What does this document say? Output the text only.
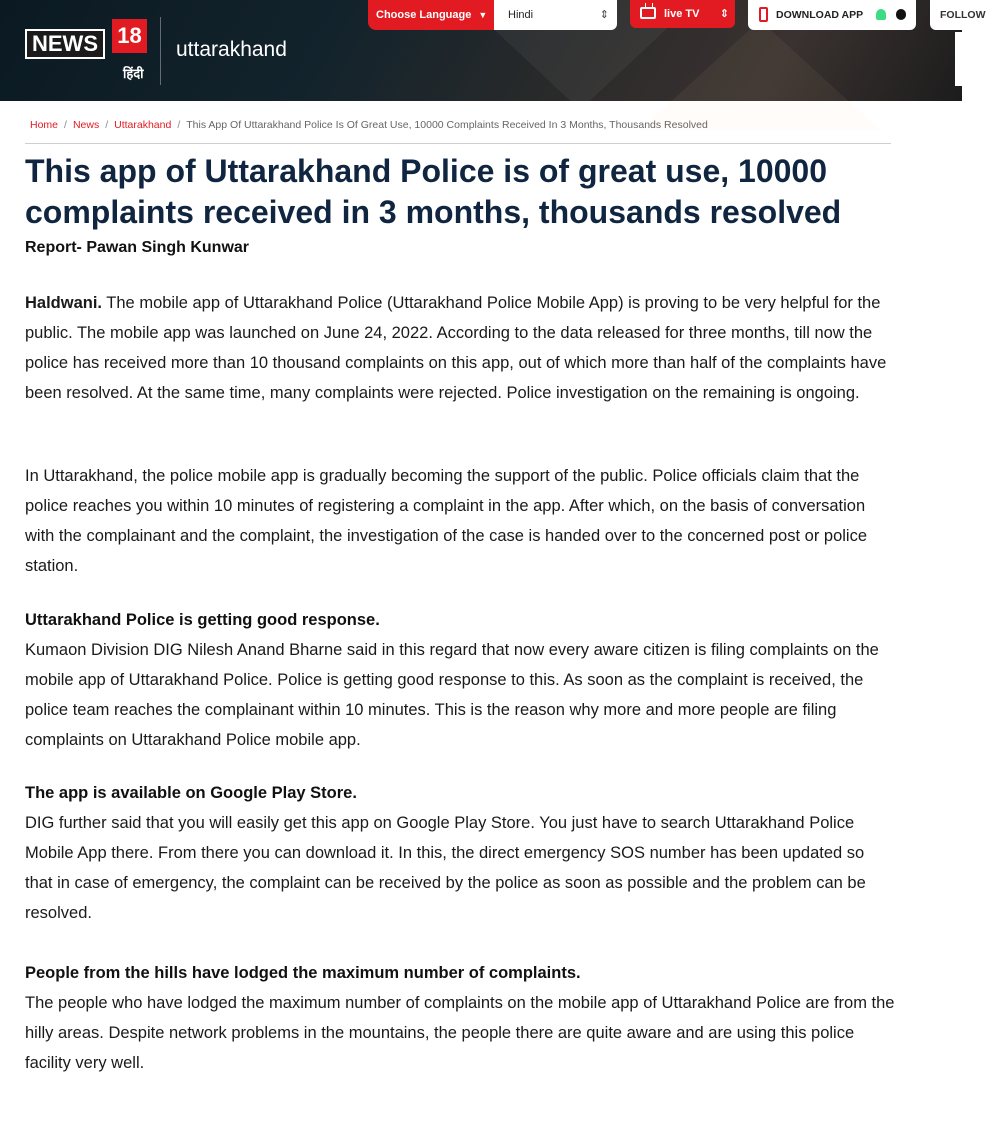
NEWS 18
हिंदी
uttarakhand
Choose Language ▼	Hindi	⇕	live TV ⇕	DOWNLOAD APP	FOLLOW
Home / News / Uttarakhand / This App Of Uttarakhand Police Is Of Great Use, 10000 Complaints Received In 3 Months, Thousands Resolved
This app of Uttarakhand Police is of great use, 10000 complaints received in 3 months, thousands resolved
Report- Pawan Singh Kunwar

Haldwani. The mobile app of Uttarakhand Police (Uttarakhand Police Mobile App) is proving to be very helpful for the public. The mobile app was launched on June 24, 2022. According to the data released for three months, till now the police has received more than 10 thousand complaints on this app, out of which more than half of the complaints have been resolved. At the same time, many complaints were rejected. Police investigation on the remaining is ongoing.

In Uttarakhand, the police mobile app is gradually becoming the support of the public. Police officials claim that the police reaches you within 10 minutes of registering a complaint in the app. After which, on the basis of conversation with the complainant and the complaint, the investigation of the case is handed over to the concerned post or police station.

Uttarakhand Police is getting good response.

Kumaon Division DIG Nilesh Anand Bharne said in this regard that now every aware citizen is filing complaints on the mobile app of Uttarakhand Police. Police is getting good response to this. As soon as the complaint is received, the police team reaches the complainant within 10 minutes. This is the reason why more and more people are filing complaints on Uttarakhand Police mobile app.

The app is available on Google Play Store.

DIG further said that you will easily get this app on Google Play Store. You just have to search Uttarakhand Police Mobile App there. From there you can download it. In this, the direct emergency SOS number has been updated so that in case of emergency, the complaint can be received by the police as soon as possible and the problem can be resolved.

People from the hills have lodged the maximum number of complaints.

The people who have lodged the maximum number of complaints on the mobile app of Uttarakhand Police are from the hilly areas. Despite network problems in the mountains, the people there are quite aware and are using this police facility very well.
